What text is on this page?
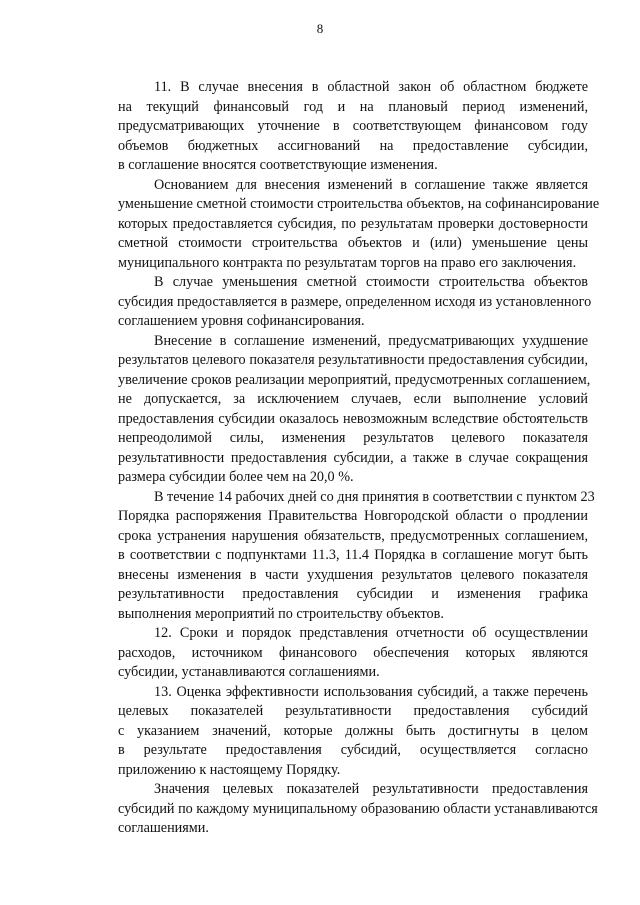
8
11. В случае внесения в областной закон об областном бюджете
на текущий финансовый год и на плановый период изменений,
предусматривающих уточнение в соответствующем финансовом году
объемов бюджетных ассигнований на предоставление субсидии,
в соглашение вносятся соответствующие изменения.
Основанием для внесения изменений в соглашение также является
уменьшение сметной стоимости строительства объектов, на софинансирование
которых предоставляется субсидия, по результатам проверки достоверности
сметной стоимости строительства объектов и (или) уменьшение цены
муниципального контракта по результатам торгов на право его заключения.
В случае уменьшения сметной стоимости строительства объектов
субсидия предоставляется в размере, определенном исходя из установленного
соглашением уровня софинансирования.
Внесение в соглашение изменений, предусматривающих ухудшение
результатов целевого показателя результативности предоставления субсидии,
увеличение сроков реализации мероприятий, предусмотренных соглашением,
не допускается, за исключением случаев, если выполнение условий
предоставления субсидии оказалось невозможным вследствие обстоятельств
непреодолимой силы, изменения результатов целевого показателя
результативности предоставления субсидии, а также в случае сокращения
размера субсидии более чем на 20,0 %.
В течение 14 рабочих дней со дня принятия в соответствии с пунктом 23
Порядка распоряжения Правительства Новгородской области о продлении
срока устранения нарушения обязательств, предусмотренных соглашением,
в соответствии с подпунктами 11.3, 11.4 Порядка в соглашение могут быть
внесены изменения в части ухудшения результатов целевого показателя
результативности предоставления субсидии и изменения графика
выполнения мероприятий по строительству объектов.
12. Сроки и порядок представления отчетности об осуществлении
расходов, источником финансового обеспечения которых являются
субсидии, устанавливаются соглашениями.
13. Оценка эффективности использования субсидий, а также перечень
целевых показателей результативности предоставления субсидий
с указанием значений, которые должны быть достигнуты в целом
в результате предоставления субсидий, осуществляется согласно
приложению к настоящему Порядку.
Значения целевых показателей результативности предоставления
субсидий по каждому муниципальному образованию области устанавливаются
соглашениями.
